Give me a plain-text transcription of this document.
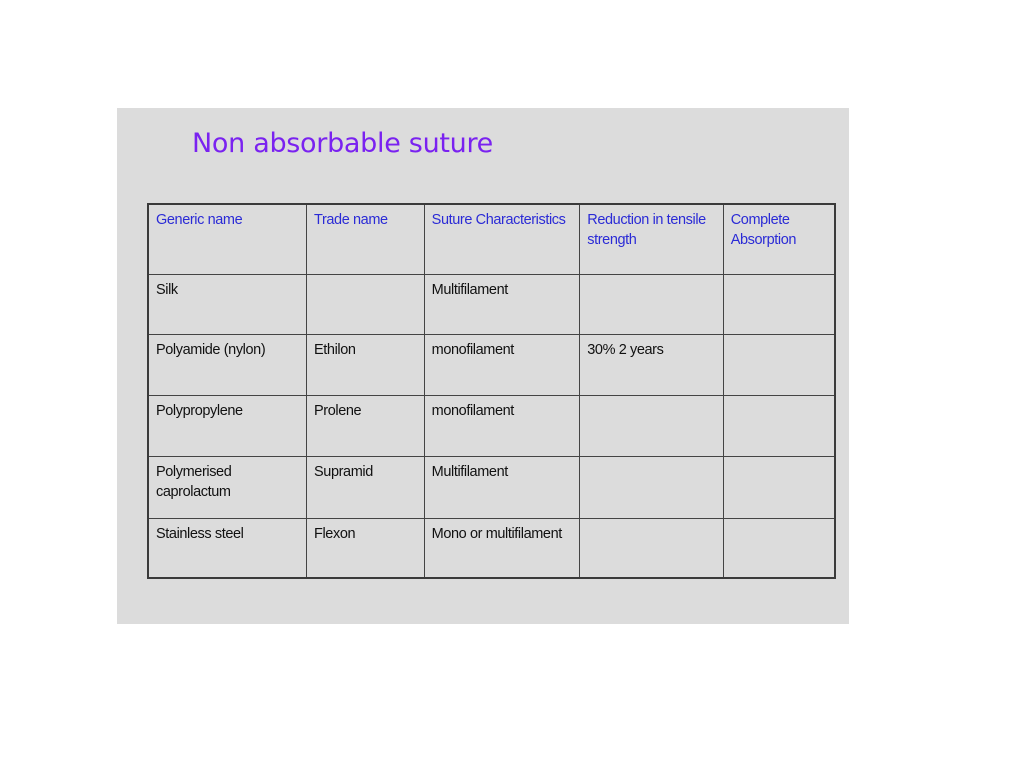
Non absorbable suture
Generic name	Trade name	Suture Characteristics	Reduction in tensile strength	Complete Absorption
Silk		Multifilament		
Polyamide (nylon)	Ethilon	monofilament	30% 2 years	
Polypropylene	Prolene	monofilament		
Polymerised caprolactum	Supramid	Multifilament		
Stainless steel	Flexon	Mono or multifilament		
